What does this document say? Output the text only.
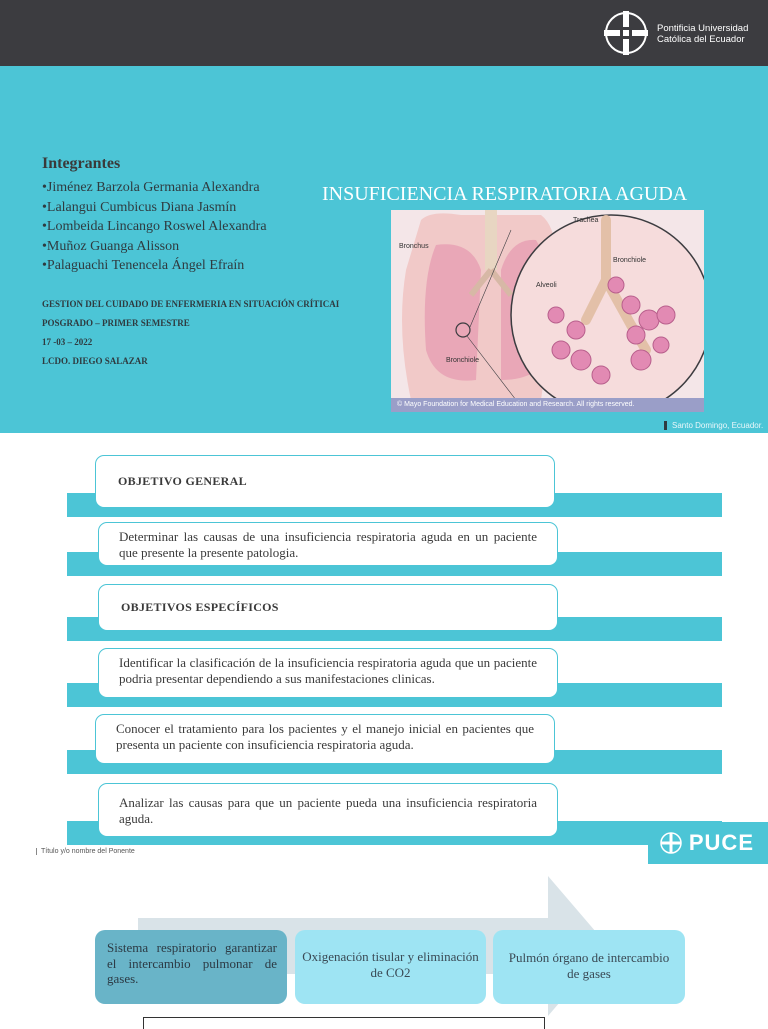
Pontificia Universidad
Católica del Ecuador
Integrantes
•Jiménez Barzola Germania Alexandra
•Lalangui Cumbicus Diana Jasmín
•Lombeida Lincango Roswel Alexandra
•Muñoz Guanga Alisson
•Palaguachi Tenencela Ángel Efraín
GESTION DEL CUIDADO DE ENFERMERIA EN SITUACIÓN CRÍTICAI
POSGRADO – PRIMER SEMESTRE
17 -03 – 2022
LCDO. DIEGO SALAZAR
INSUFICIENCIA RESPIRATORIA AGUDA
Trachea
Bronchus
Bronchiole
Alveoli
Bronchiole
© Mayo Foundation for Medical Education and Research. All rights reserved.
Santo Domingo, Ecuador.
OBJETIVO GENERAL
Determinar las causas de una insuficiencia respiratoria aguda en un paciente que presente la presente patologia.
OBJETIVOS ESPECÍFICOS
Identificar la clasificación de la insuficiencia respiratoria aguda que un paciente podria presentar dependiendo a sus manifestaciones clinicas.
Conocer el tratamiento para los pacientes y el manejo inicial en pacientes que presenta un paciente con insuficiencia respiratoria aguda.
Analizar las causas para que un paciente pueda una insuficiencia respiratoria aguda.
Título y/o nombre del Ponente	PUCE
Sistema respiratorio garantizar el intercambio pulmonar de gases.
Oxigenación tisular y eliminación de CO2
Pulmón órgano de intercambio de gases
